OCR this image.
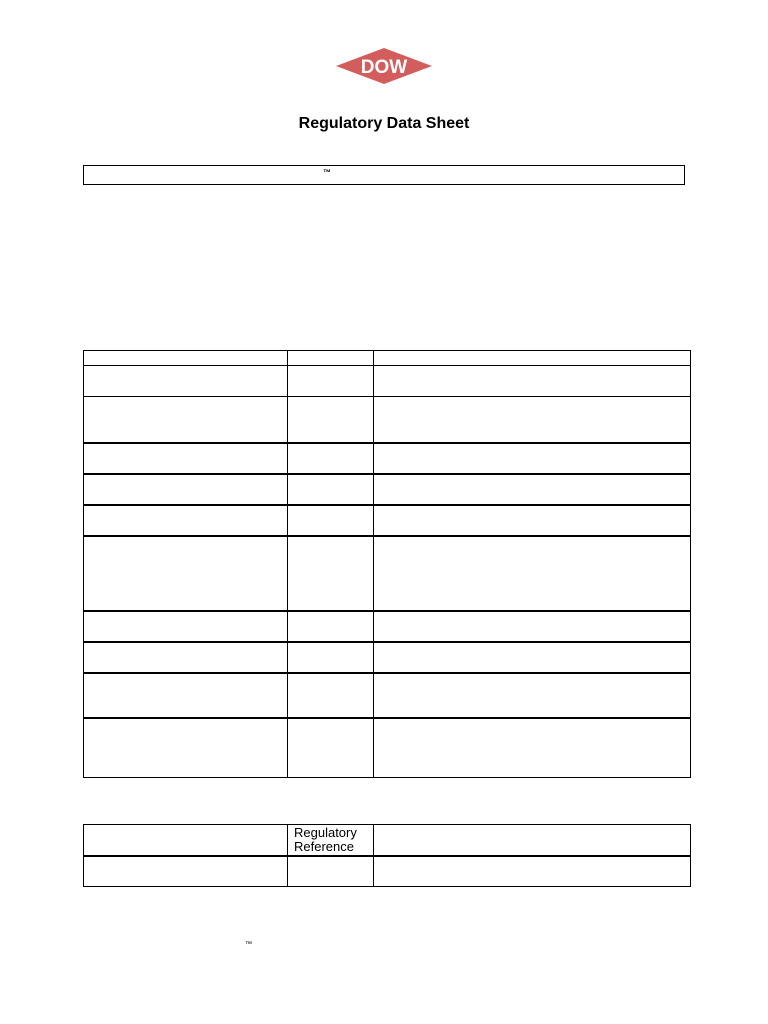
DOW
®
Regulatory Data Sheet
™

	Regulatory Reference	

™
